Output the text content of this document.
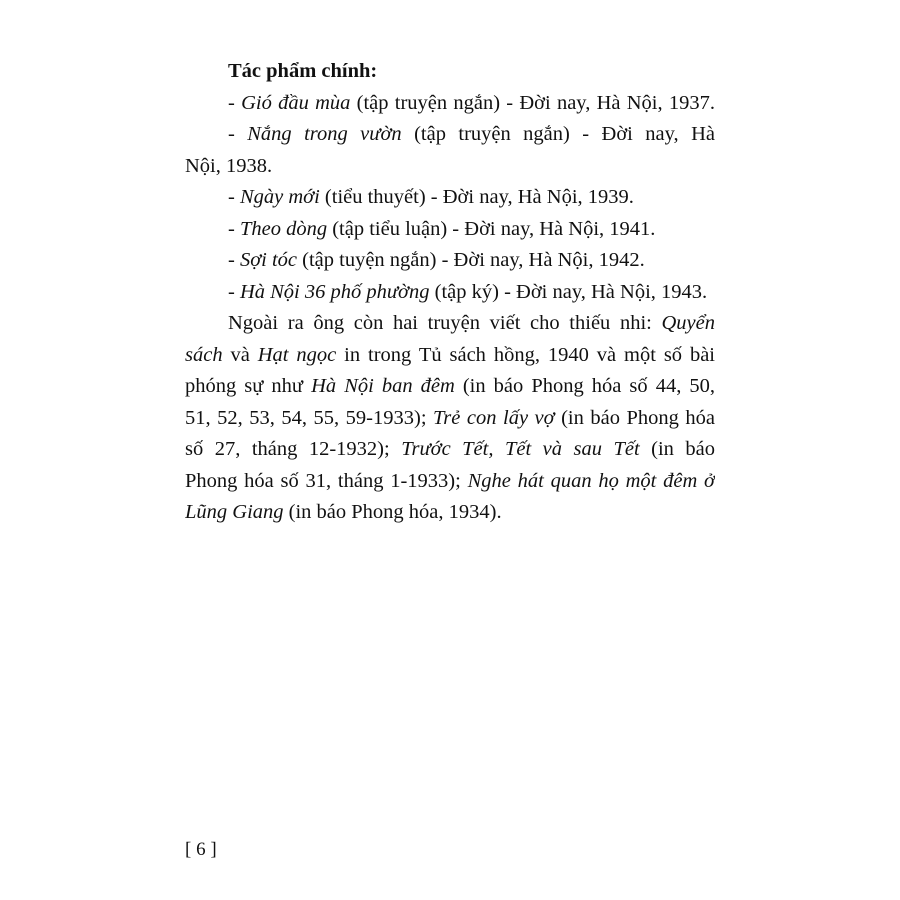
Tác phẩm chính:
- Gió đầu mùa (tập truyện ngắn) - Đời nay, Hà Nội, 1937.
- Nắng trong vườn (tập truyện ngắn) - Đời nay, Hà
Nội, 1938.
- Ngày mới (tiểu thuyết) - Đời nay, Hà Nội, 1939.
- Theo dòng (tập tiểu luận) - Đời nay, Hà Nội, 1941.
- Sợi tóc (tập tuyện ngắn) - Đời nay, Hà Nội, 1942.
- Hà Nội 36 phố phường (tập ký) - Đời nay, Hà Nội, 1943.
Ngoài ra ông còn hai truyện viết cho thiếu nhi: Quyển
sách và Hạt ngọc in trong Tủ sách hồng, 1940 và một số bài
phóng sự như Hà Nội ban đêm (in báo Phong hóa số 44, 50,
51, 52, 53, 54, 55, 59-1933); Trẻ con lấy vợ (in báo Phong hóa
số 27, tháng 12-1932); Trước Tết, Tết và sau Tết (in báo
Phong hóa số 31, tháng 1-1933); Nghe hát quan họ một đêm ở
Lũng Giang (in báo Phong hóa, 1934).
[ 6 ]
